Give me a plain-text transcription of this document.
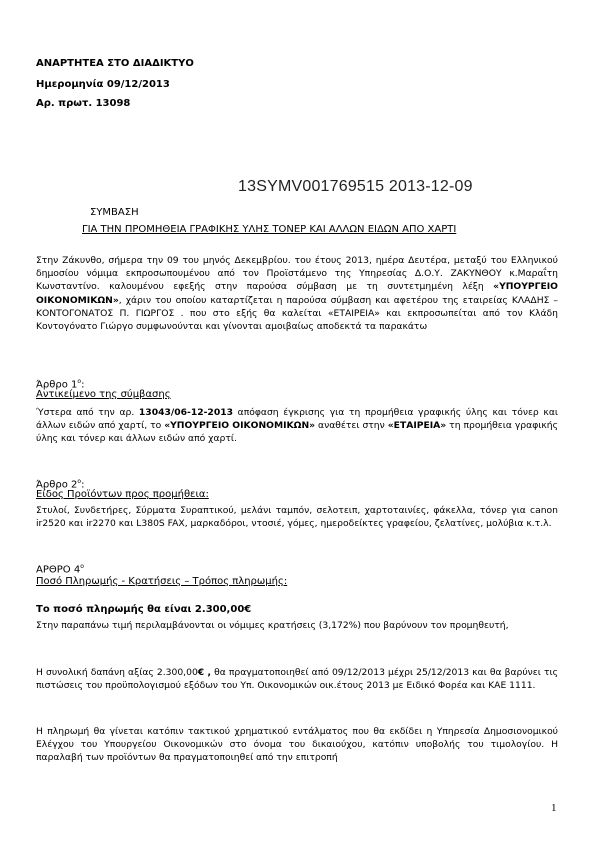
ΑΝΑΡΤΗΤΕΑ ΣΤΟ ΔΙΑΔΙΚΤΥΟ
Ημερομηνία 09/12/2013
Αρ. πρωτ. 13098
13SYMV001769515 2013-12-09
ΣΥΜΒΑΣΗ
ΓΙΑ ΤΗΝ ΠΡΟΜΗΘΕΙΑ ΓΡΑΦΙΚΗΣ ΥΛΗΣ ΤΟΝΕΡ ΚΑΙ ΑΛΛΩΝ ΕΙΔΩΝ ΑΠΟ ΧΑΡΤΙ
Στην Ζάκυνθο, σήμερα την 09 του μηνός Δεκεμβρίου. του έτους 2013, ημέρα Δευτέρα, μεταξύ του Ελληνικού δημοσίου νόμιμα εκπροσωπουμένου από τον Προϊστάμενο της Υπηρεσίας Δ.Ο.Υ. ΖΑΚΥΝΘΟΥ κ.Μαραΐτη Κωνσταντίνο. καλουμένου εφεξής στην παρούσα σύμβαση με τη συντετμημένη λέξη «ΥΠΟΥΡΓΕΙΟ ΟΙΚΟΝΟΜΙΚΩΝ», χάριν του οποίου καταρτίζεται η παρούσα σύμβαση και αφετέρου της εταιρείας ΚΛΑΔΗΣ – ΚΟΝΤΟΓΟΝΑΤΟΣ Π. ΓΙΩΡΓΟΣ . που στο εξής θα καλείται «ΕΤΑΙΡΕΙΑ» και εκπροσωπείται από τον Κλάδη Κοντογόνατο Γιώργο συμφωνούνται και γίνονται αμοιβαίως αποδεκτά τα παρακάτω
Άρθρο $1^o$:
Αντικείμενο της σύμβασης
Ύστερα από την αρ. 13043/06-12-2013 απόφαση έγκρισης για τη προμήθεια γραφικής ύλης και τόνερ και άλλων ειδών από χαρτί, το «ΥΠΟΥΡΓΕΙΟ ΟΙΚΟΝΟΜΙΚΩΝ» αναθέτει στην «ΕΤΑΙΡΕΙΑ» τη προμήθεια γραφικής ύλης και τόνερ και άλλων ειδών από χαρτί.
Άρθρο $2^o$:
Είδος Προϊόντων προς προμήθεια:
Στυλοί, Συνδετήρες, Σύρματα Συραπτικού, μελάνι ταμπόν, σελοτειπ, χαρτοταινίες, φάκελλα, τόνερ για canon ir2520 και ir2270 και L380S FAX, μαρκαδόροι, ντοσιέ, γόμες, ημεροδείκτες γραφείου, ζελατίνες, μολύβια κ.τ.λ.
ΑΡΘΡΟ $4^o$
Ποσό Πληρωμής - Κρατήσεις – Τρόπος πληρωμής:
Το ποσό πληρωμής θα είναι 2.300,00€
Στην παραπάνω τιμή περιλαμβάνονται οι νόμιμες κρατήσεις (3,172%) που βαρύνουν τον προμηθευτή,
Η συνολική δαπάνη αξίας 2.300,00€ , θα πραγματοποιηθεί από 09/12/2013 μέχρι 25/12/2013 και θα βαρύνει τις πιστώσεις του προϋπολογισμού εξόδων του Υπ. Οικονομικών οικ.έτους 2013 με Ειδικό Φορέα και ΚΑΕ 1111.
Η πληρωμή θα γίνεται κατόπιν τακτικού χρηματικού εντάλματος που θα εκδίδει η Υπηρεσία Δημοσιονομικού Ελέγχου του Υπουργείου Οικονομικών στο όνομα του δικαιούχου, κατόπιν υποβολής του τιμολογίου. Η παραλαβή των προϊόντων θα πραγματοποιηθεί από την επιτροπή
1
